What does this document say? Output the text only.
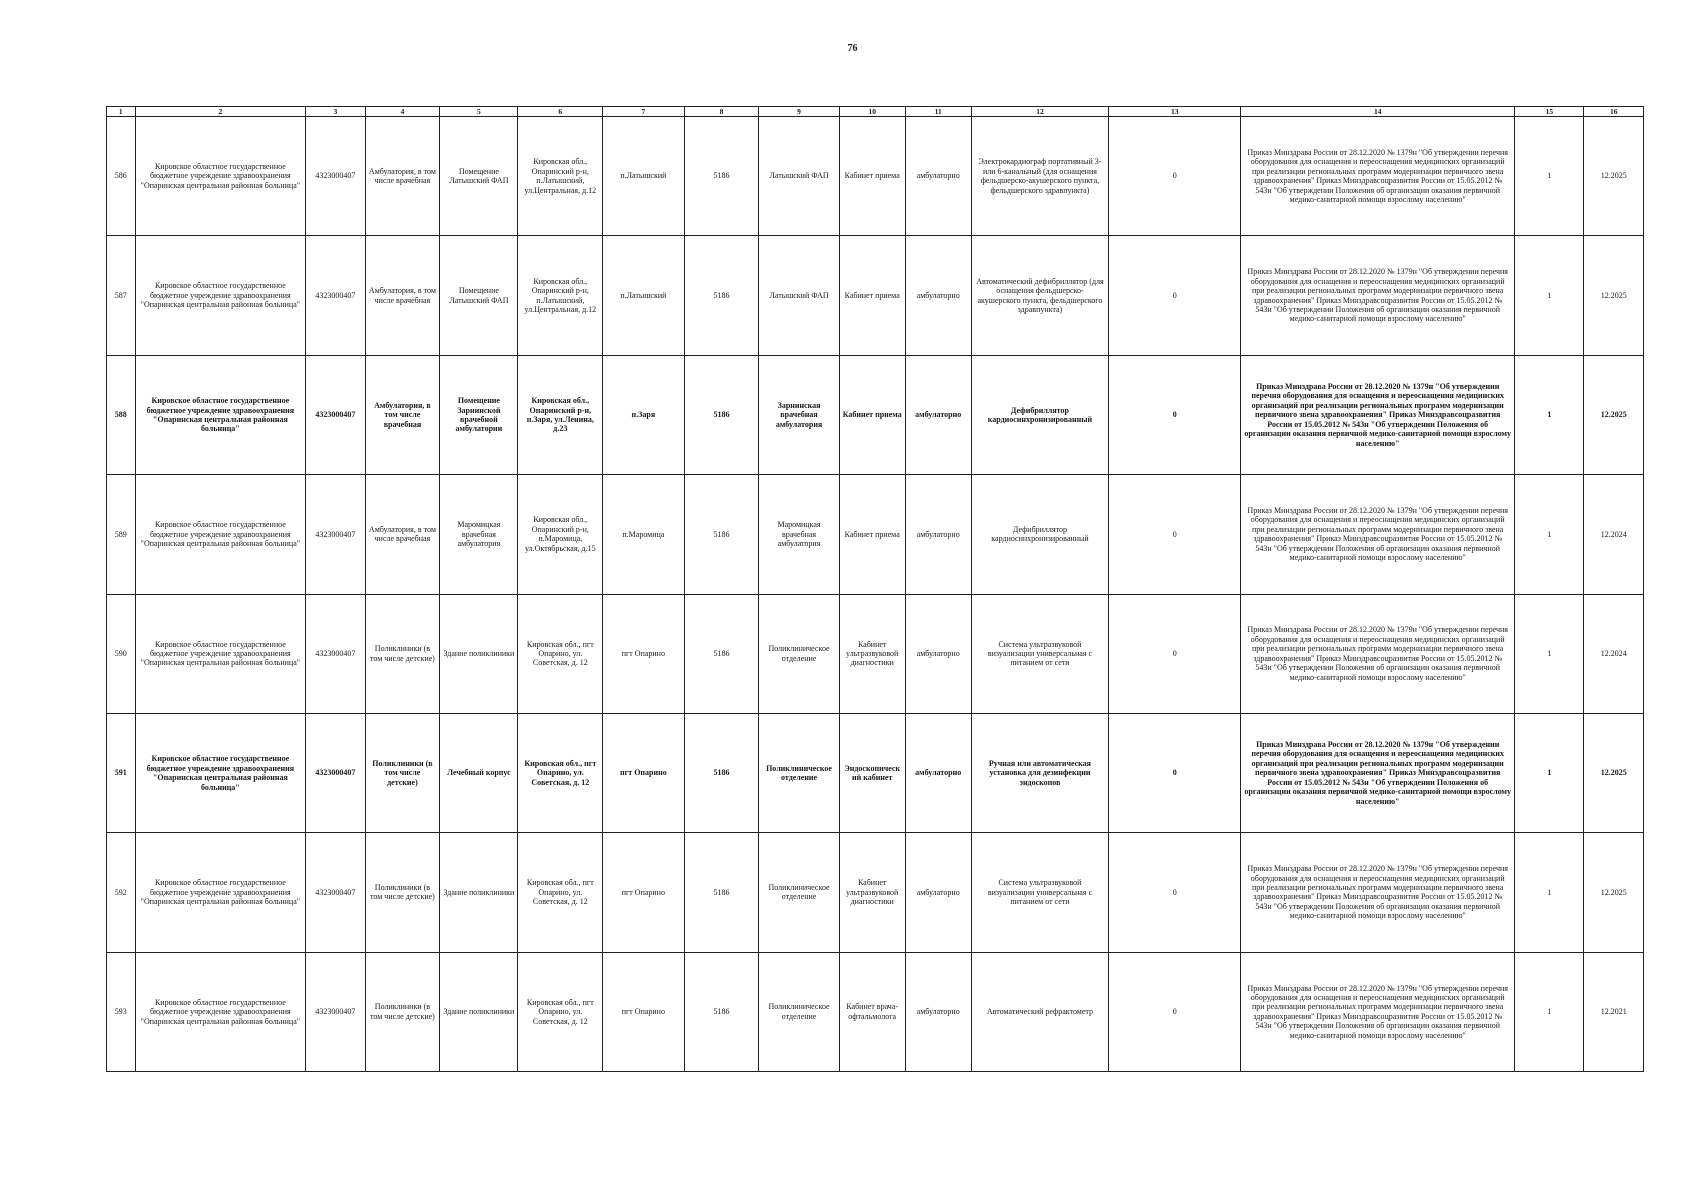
76
1	2	3	4	5	6	7	8	9	10	11	12	13	14	15	16
586	Кировское областное государственное бюджетное учреждение здравоохранения "Опаринская центральная районная больница"	4323000407	Амбулатория, в том числе врачебная	Помещение Латышский ФАП	Кировская обл., Опаринский р-н, п.Латышский, ул.Центральная, д.12	п.Латышский	5186	Латышский ФАП	Кабинет приема	амбулаторно	Электрокардиограф портативный 3- или 6-канальный (для оснащения фельдшерско-акушерского пункта, фельдшерского здравпункта)	0	Приказ Минздрава России от 28.12.2020 № 1379н "Об утверждении перечня оборудования для оснащения и переоснащения медицинских организаций при реализации региональных программ модернизации первичного звена здравоохранения" Приказ Минздравсоцразвития России от 15.05.2012 № 543н "Об утверждении Положения об организации оказания первичной медико-санитарной помощи взрослому населению"	1	12.2025
587	Кировское областное государственное бюджетное учреждение здравоохранения "Опаринская центральная районная больница"	4323000407	Амбулатория, в том числе врачебная	Помещение Латышский ФАП	Кировская обл., Опаринский р-н, п.Латышский, ул.Центральная, д.12	п.Латышский	5186	Латышский ФАП	Кабинет приема	амбулаторно	Автоматический дефибриллятор (для оснащения фельдшерско-акушерского пункта, фельдшерского здравпункта)	0	Приказ Минздрава России от 28.12.2020 № 1379н "Об утверждении перечня оборудования для оснащения и переоснащения медицинских организаций при реализации региональных программ модернизации первичного звена здравоохранения" Приказ Минздравсоцразвития России от 15.05.2012 № 543н "Об утверждении Положения об организации оказания первичной медико-санитарной помощи взрослому населению"	1	12.2025
588	Кировское областное государственное бюджетное учреждение здравоохранения "Опаринская центральная районная больница"	4323000407	Амбулатория, в том числе врачебная	Помещение Зарнинской врачебной амбулатории	Кировская обл., Опаринский р-н, п.Заря, ул.Ленина, д.23	п.Заря	5186	Зарнинская врачебная амбулатория	Кабинет приема	амбулаторно	Дефибриллятор кардиосинхронизированный	0	Приказ Минздрава России от 28.12.2020 № 1379н "Об утверждении перечня оборудования для оснащения и переоснащения медицинских организаций при реализации региональных программ модернизации первичного звена здравоохранения" Приказ Минздравсоцразвития России от 15.05.2012 № 543н "Об утверждении Положения об организации оказания первичной медико-санитарной помощи взрослому населению"	1	12.2025
589	Кировское областное государственное бюджетное учреждение здравоохранения "Опаринская центральная районная больница"	4323000407	Амбулатория, в том числе врачебная	Маромицкая врачебная амбулатория	Кировская обл., Опаринский р-н, п.Маромица, ул.Октябрьская, д.15	п.Маромица	5186	Маромицкая врачебная амбулатория	Кабинет приема	амбулаторно	Дефибриллятор кардиосинхронизированный	0	Приказ Минздрава России от 28.12.2020 № 1379н "Об утверждении перечня оборудования для оснащения и переоснащения медицинских организаций при реализации региональных программ модернизации первичного звена здравоохранения" Приказ Минздравсоцразвития России от 15.05.2012 № 543н "Об утверждении Положения об организации оказания первичной медико-санитарной помощи взрослому населению"	1	12.2024
590	Кировское областное государственное бюджетное учреждение здравоохранения "Опаринская центральная районная больница"	4323000407	Поликлиники (в том числе детские)	Здание поликлиники	Кировская обл., пгт Опарино, ул. Советская, д. 12	пгт Опарино	5186	Поликлиническое отделение	Кабинет ультразвуковой диагностики	амбулаторно	Система ультразвуковой визуализации универсальная с питанием от сети	0	Приказ Минздрава России от 28.12.2020 № 1379н "Об утверждении перечня оборудования для оснащения и переоснащения медицинских организаций при реализации региональных программ модернизации первичного звена здравоохранения" Приказ Минздравсоцразвития России от 15.05.2012 № 543н "Об утверждении Положения об организации оказания первичной медико-санитарной помощи взрослому населению"	1	12.2024
591	Кировское областное государственное бюджетное учреждение здравоохранения "Опаринская центральная районная больница"	4323000407	Поликлиники (в том числе детские)	Лечебный корпус	Кировская обл., пгт Опарино, ул. Советская, д. 12	пгт Опарино	5186	Поликлиническое отделение	Эндоскопический кабинет	амбулаторно	Ручная или автоматическая установка для дезинфекции эндоскопов	0	Приказ Минздрава России от 28.12.2020 № 1379н "Об утверждении перечня оборудования для оснащения и переоснащения медицинских организаций при реализации региональных программ модернизации первичного звена здравоохранения" Приказ Минздравсоцразвития России от 15.05.2012 № 543н "Об утверждении Положения об организации оказания первичной медико-санитарной помощи взрослому населению"	1	12.2025
592	Кировское областное государственное бюджетное учреждение здравоохранения "Опаринская центральная районная больница"	4323000407	Поликлиники (в том числе детские)	Здание поликлиники	Кировская обл., пгт Опарино, ул. Советская, д. 12	пгт Опарино	5186	Поликлиническое отделение	Кабинет ультразвуковой диагностики	амбулаторно	Система ультразвуковой визуализации универсальная с питанием от сети	0	Приказ Минздрава России от 28.12.2020 № 1379н "Об утверждении перечня оборудования для оснащения и переоснащения медицинских организаций при реализации региональных программ модернизации первичного звена здравоохранения" Приказ Минздравсоцразвития России от 15.05.2012 № 543н "Об утверждении Положения об организации оказания первичной медико-санитарной помощи взрослому населению"	1	12.2025
593	Кировское областное государственное бюджетное учреждение здравоохранения "Опаринская центральная районная больница"	4323000407	Поликлиники (в том числе детские)	Здание поликлиники	Кировская обл., пгт Опарино, ул. Советская, д. 12	пгт Опарино	5186	Поликлиническое отделение	Кабинет врача-офтальмолога	амбулаторно	Автоматический рефрактометр	0	Приказ Минздрава России от 28.12.2020 № 1379н "Об утверждении перечня оборудования для оснащения и переоснащения медицинских организаций при реализации региональных программ модернизации первичного звена здравоохранения" Приказ Минздравсоцразвития России от 15.05.2012 № 543н "Об утверждении Положения об организации оказания первичной медико-санитарной помощи взрослому населению"	1	12.2021
